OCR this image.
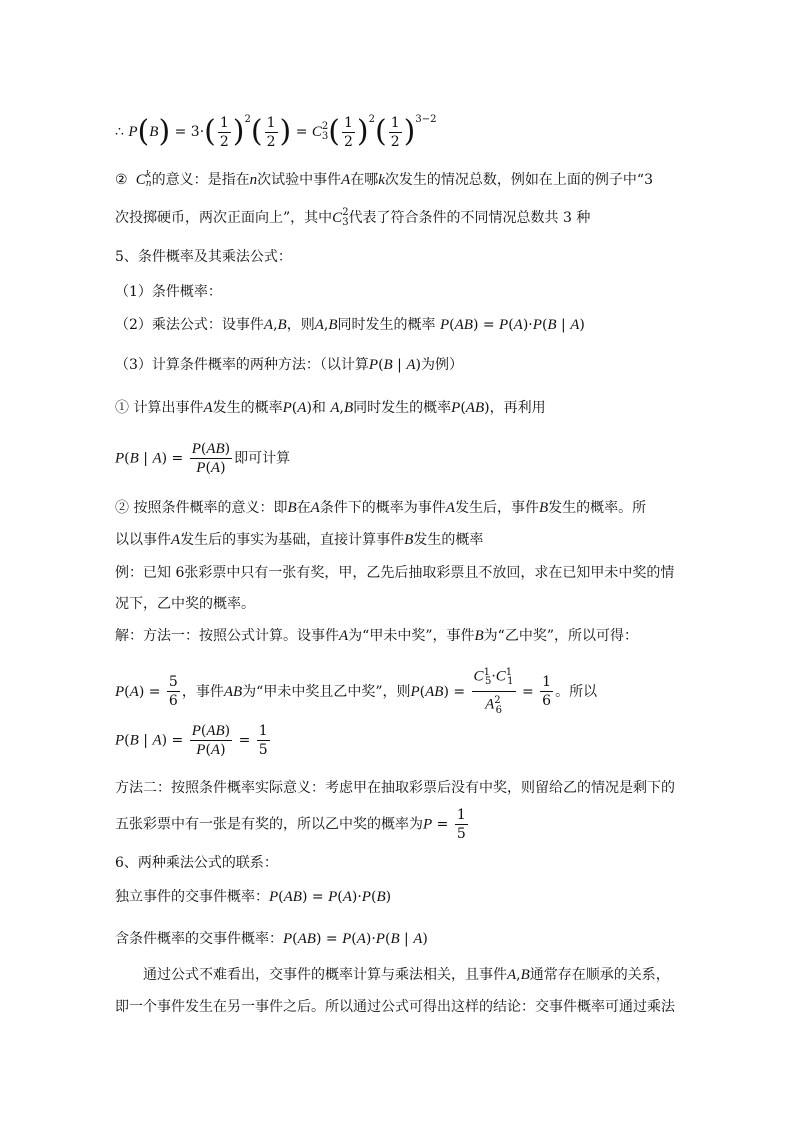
∴ $P(B) = 3\cdot( \frac{1}{2} )^2( \frac{1}{2}$ ) = C 2
3 ( $\frac{1}{2} )^2( \frac{1}{2} )^{3-2}$
②  C k
n 的意义：是指在n次试验中事件A在哪k次发生的情况总数，例如在上面的例子中“3
次投掷硬币，两次正面向上”，其中C 2
3 代表了符合条件的不同情况总数共 3 种
5、条件概率及其乘法公式：
（1）条件概率：
（2）乘法公式：设事件A,B，则A,B同时发生的概率 P(AB) = P(A)·P(B | A)
（3）计算条件概率的两种方法：（以计算P(B | A)为例）
① 计算出事件A发生的概率P(A)和 A,B同时发生的概率P(AB)，再利用
P(B | $A) = \frac{P(AB)}{P(A)}$ 即可计算
② 按照条件概率的意义：即B在A条件下的概率为事件A发生后，事件B发生的概率。所
以以事件A发生后的事实为基础，直接计算事件B发生的概率
例：已知 6张彩票中只有一张有奖，甲，乙先后抽取彩票且不放回，求在已知甲未中奖的情
况下，乙中奖的概率。
解：方法一：按照公式计算。设事件A为“甲未中奖”，事件B为“乙中奖”，所以可得：
$P(A) = \frac{5}{6}$ ，事件AB为“甲未中奖且乙中奖”，则$P(AB) = \frac{C^1_5\cdot C^1_1}{A^2_6} = \frac{1}{6}$ 。所以
P(B | $A) = \frac{P(AB)}{P(A)} = \frac{1}{5}$
方法二：按照条件概率实际意义：考虑甲在抽取彩票后没有中奖，则留给乙的情况是剩下的
五张彩票中有一张是有奖的，所以乙中奖的概率为$P = \frac{1}{5}$
6、两种乘法公式的联系：
独立事件的交事件概率：P(AB) = P(A)·P(B)
含条件概率的交事件概率：P(AB) = P(A)·P(B | A)
通过公式不难看出，交事件的概率计算与乘法相关，且事件A,B通常存在顺承的关系，
即一个事件发生在另一事件之后。所以通过公式可得出这样的结论：交事件概率可通过乘法
